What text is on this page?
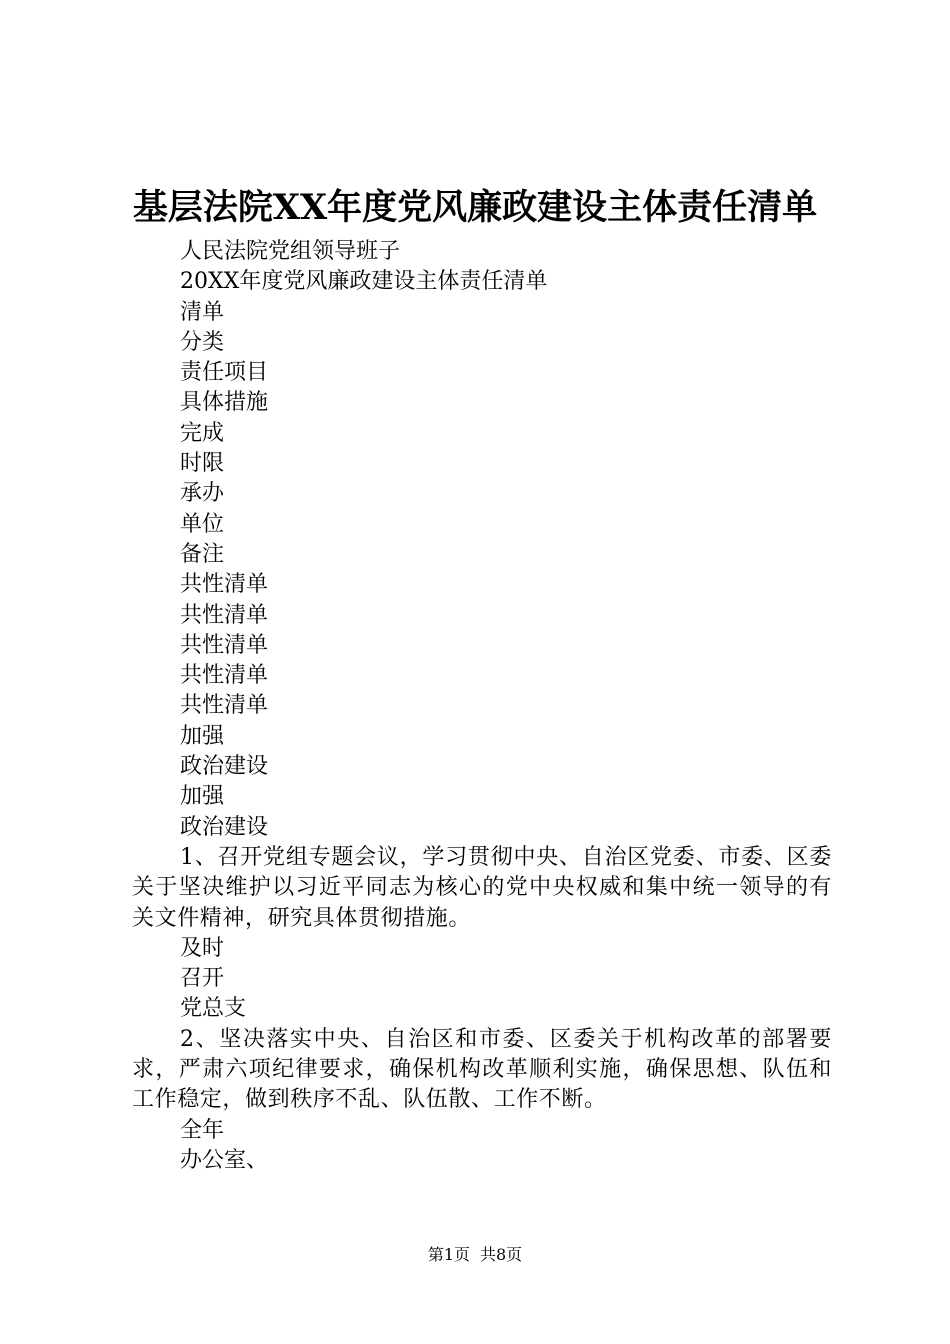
基层法院XX年度党风廉政建设主体责任清单
人民法院党组领导班子
20XX年度党风廉政建设主体责任清单
清单
分类
责任项目
具体措施
完成
时限
承办
单位
备注
共性清单
共性清单
共性清单
共性清单
共性清单
加强
政治建设
加强
政治建设
1、召开党组专题会议，学习贯彻中央、自治区党委、市委、区委关于坚决维护以习近平同志为核心的党中央权威和集中统一领导的有关文件精神，研究具体贯彻措施。
及时
召开
党总支
2、坚决落实中央、自治区和市委、区委关于机构改革的部署要求，严肃六项纪律要求，确保机构改革顺利实施，确保思想、队伍和工作稳定，做到秩序不乱、队伍散、工作不断。
全年
办公室、
第1页 共8页
